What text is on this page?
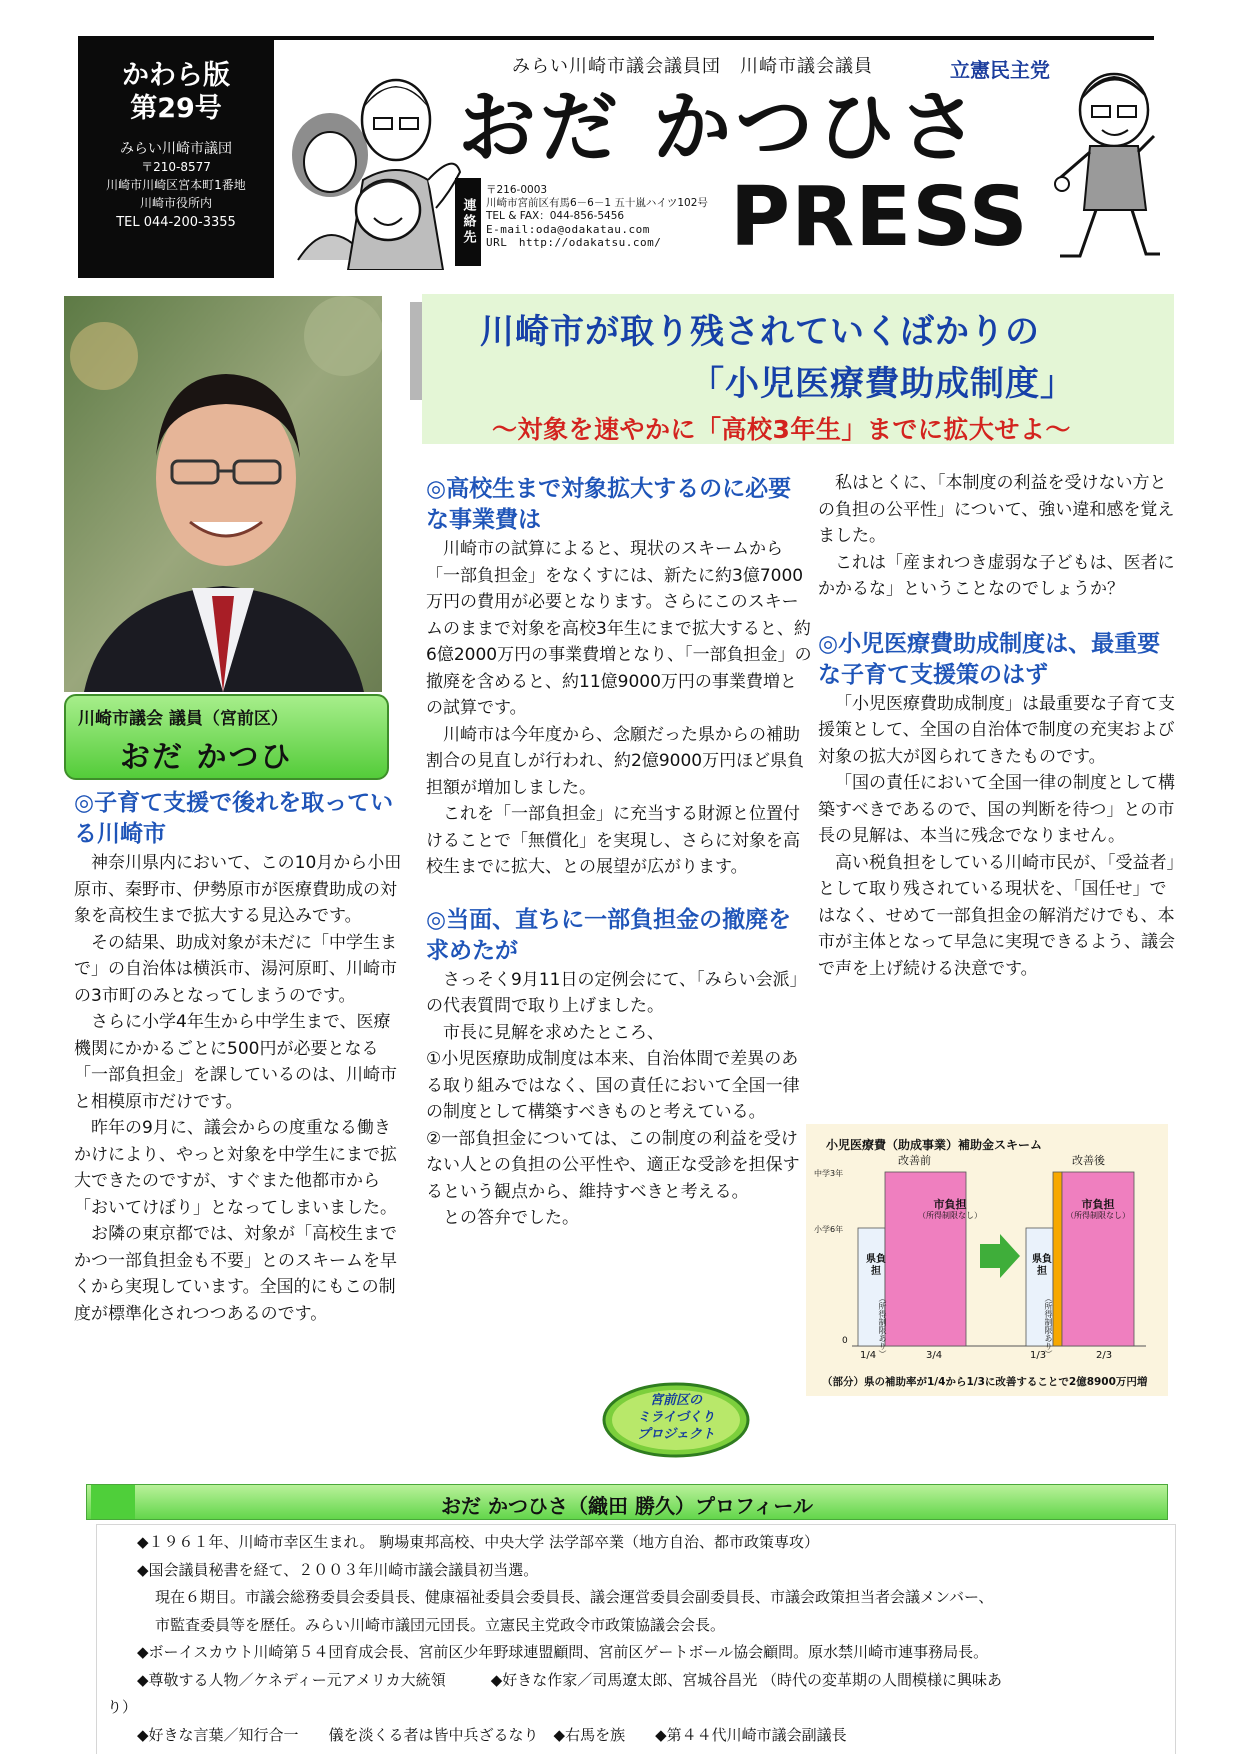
かわら版
第29号
みらい川崎市議団
〒210-8577
川崎市川崎区宮本町1番地
川崎市役所内
TEL 044-200-3355
みらい川崎市議会議員団　川崎市議会議員
おだ かつひさ
PRESS
連絡先
〒216-0003
川崎市宮前区有馬6－6－1 五十嵐ハイツ102号
TEL & FAX：044-856-5456
E-mail:oda@odakatau.com
URL　http://odakatsu.com/
立憲民主党
川崎市議会 議員（宮前区）
おだ かつひ
川崎市が取り残されていくばかりの
「小児医療費助成制度」
～対象を速やかに「高校3年生」までに拡大せよ～
◎子育て支援で後れを取っている川崎市

神奈川県内において、この10月から小田原市、秦野市、伊勢原市が医療費助成の対象を高校生まで拡大する見込みです。

その結果、助成対象が未だに「中学生まで」の自治体は横浜市、湯河原町、川崎市の3市町のみとなってしまうのです。

さらに小学4年生から中学生まで、医療機関にかかるごとに500円が必要となる「一部負担金」を課しているのは、川崎市と相模原市だけです。

昨年の9月に、議会からの度重なる働きかけにより、やっと対象を中学生にまで拡大できたのですが、すぐまた他都市から「おいてけぼり」となってしまいました。

お隣の東京都では、対象が「高校生までかつ一部負担金も不要」とのスキームを早くから実現しています。全国的にもこの制度が標準化されつつあるのです。

◎高校生まで対象拡大するのに必要な事業費は

川崎市の試算によると、現状のスキームから「一部負担金」をなくすには、新たに約3億7000万円の費用が必要となります。さらにこのスキームのままで対象を高校3年生にまで拡大すると、約6億2000万円の事業費増となり、「一部負担金」の撤廃を含めると、約11億9000万円の事業費増との試算です。

川崎市は今年度から、念願だった県からの補助割合の見直しが行われ、約2億9000万円ほど県負担額が増加しました。

これを「一部負担金」に充当する財源と位置付けることで「無償化」を実現し、さらに対象を高校生までに拡大、との展望が広がります。

◎当面、直ちに一部負担金の撤廃を求めたが

さっそく9月11日の定例会にて、「みらい会派」の代表質問で取り上げました。

市長に見解を求めたところ、

①小児医療助成制度は本来、自治体間で差異のある取り組みではなく、国の責任において全国一律の制度として構築すべきものと考えている。

②一部負担金については、この制度の利益を受けない人との負担の公平性や、適正な受診を担保するという観点から、維持すべきと考える。

との答弁でした。

私はとくに、「本制度の利益を受けない方との負担の公平性」について、強い違和感を覚えました。

これは「産まれつき虚弱な子どもは、医者にかかるな」ということなのでしょうか？

◎小児医療費助成制度は、最重要な子育て支援策のはず

「小児医療費助成制度」は最重要な子育て支援策として、全国の自治体で制度の充実および対象の拡大が図られてきたものです。

「国の責任において全国一律の制度として構築すべきであるので、国の判断を待つ」との市長の見解は、本当に残念でなりません。

高い税負担をしている川崎市民が、「受益者」として取り残されている現状を、「国任せ」ではなく、せめて一部負担金の解消だけでも、本市が主体となって早急に実現できるよう、議会で声を上げ続ける決意です。

小児医療費（助成事業）補助金スキーム
改善前	改善後
中学3年
小学6年
0
市負担
（所得制限なし）
県負担
（所得制限あり）
市負担
（所得制限なし）
県負担
（所得制限あり）
1/4	3/4	1/3	2/3
（部分）県の補助率が1/4から1/3に改善することで2億8900万円増
宮前区の
ミライづくり
プロジェクト
おだ かつひさ（織田 勝久）プロフィール

◆１９６１年、川崎市幸区生まれ。 駒場東邦高校、中央大学 法学部卒業（地方自治、都市政策専攻）

◆国会議員秘書を経て、２００３年川崎市議会議員初当選。

現在６期目。市議会総務委員会委員長、健康福祉委員会委員長、議会運営委員会副委員長、市議会政策担当者会議メンバー、

市監査委員等を歴任。みらい川崎市議団元団長。立憲民主党政令市政策協議会会長。

◆ボーイスカウト川崎第５４団育成会長、宮前区少年野球連盟顧問、宮前区ゲートボール協会顧問。原水禁川崎市連事務局長。

◆尊敬する人物／ケネディー元アメリカ大統領　　　◆好きな作家／司馬遼太郎、宮城谷昌光 （時代の変革期の人間模様に興味あ

り）

◆好きな言葉／知行合一　　儀を淡くる者は皆中兵ざるなり　◆右馬を族　　◆第４４代川崎市議会副議長
